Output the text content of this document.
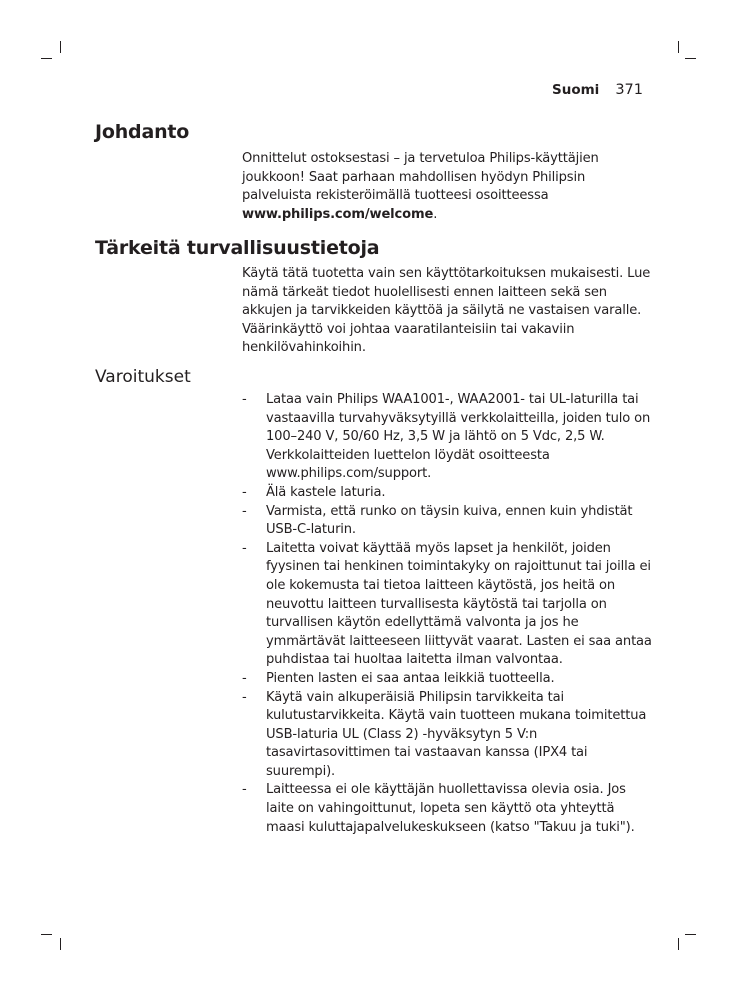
Suomi 371
Johdanto

Onnittelut ostoksestasi – ja tervetuloa Philips-käyttäjien joukkoon! Saat parhaan mahdollisen hyödyn Philipsin palveluista rekisteröimällä tuotteesi osoitteessa www.philips.com/welcome.

Tärkeitä turvallisuustietoja

Käytä tätä tuotetta vain sen käyttötarkoituksen mukaisesti. Lue nämä tärkeät tiedot huolellisesti ennen laitteen sekä sen akkujen ja tarvikkeiden käyttöä ja säilytä ne vastaisen varalle. Väärinkäyttö voi johtaa vaaratilanteisiin tai vakaviin henkilövahinkoihin.

Varoitukset
- Lataa vain Philips WAA1001-, WAA2001- tai UL-laturilla tai vastaavilla turvahyväksytyillä verkkolaitteilla, joiden tulo on 100–240 V, 50/60 Hz, 3,5 W ja lähtö on 5 Vdc, 2,5 W. Verkkolaitteiden luettelon löydät osoitteesta www.philips.com/support.
- Älä kastele laturia.
- Varmista, että runko on täysin kuiva, ennen kuin yhdistät USB-C-laturin.
- Laitetta voivat käyttää myös lapset ja henkilöt, joiden fyysinen tai henkinen toimintakyky on rajoittunut tai joilla ei ole kokemusta tai tietoa laitteen käytöstä, jos heitä on neuvottu laitteen turvallisesta käytöstä tai tarjolla on turvallisen käytön edellyttämä valvonta ja jos he ymmärtävät laitteeseen liittyvät vaarat. Lasten ei saa antaa puhdistaa tai huoltaa laitetta ilman valvontaa.
- Pienten lasten ei saa antaa leikkiä tuotteella.
- Käytä vain alkuperäisiä Philipsin tarvikkeita tai kulutustarvikkeita. Käytä vain tuotteen mukana toimitettua USB-laturia UL (Class 2) -hyväksytyn 5 V:n tasavirtasovittimen tai vastaavan kanssa (IPX4 tai suurempi).
- Laitteessa ei ole käyttäjän huollettavissa olevia osia. Jos laite on vahingoittunut, lopeta sen käyttö ota yhteyttä maasi kuluttajapalvelukeskukseen (katso "Takuu ja tuki").
